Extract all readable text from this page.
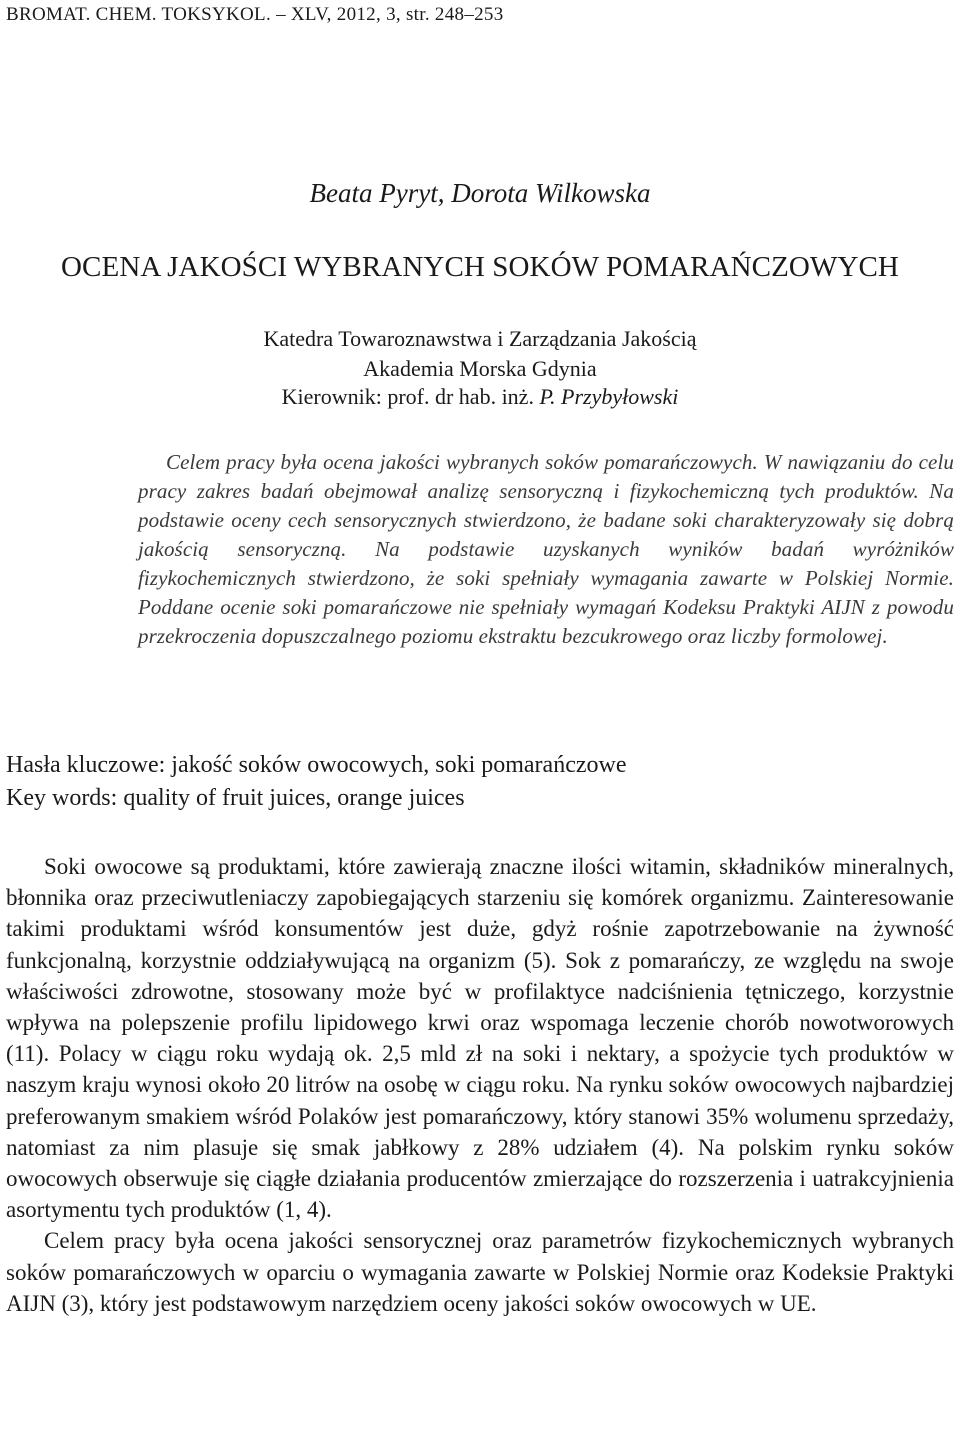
BROMAT. CHEM. TOKSYKOL. – XLV, 2012, 3, str. 248–253
Beata Pyryt, Dorota Wilkowska
OCENA JAKOŚCI WYBRANYCH SOKÓW POMARAŃCZOWYCH
Katedra Towaroznawstwa i Zarządzania Jakością
Akademia Morska Gdynia
Kierownik: prof. dr hab. inż. P. Przybyłowski
Celem pracy była ocena jakości wybranych soków pomarańczowych. W nawiązaniu do celu pracy zakres badań obejmował analizę sensoryczną i fizykochemiczną tych produktów. Na podstawie oceny cech sensorycznych stwierdzono, że badane soki charakteryzowały się dobrą jakością sensoryczną. Na podstawie uzyskanych wyników badań wyróżników fizykochemicznych stwierdzono, że soki spełniały wymagania zawarte w Polskiej Normie. Poddane ocenie soki pomarańczowe nie spełniały wymagań Kodeksu Praktyki AIJN z powodu przekroczenia dopuszczalnego poziomu ekstraktu bezcukrowego oraz liczby formolowej.
Hasła kluczowe: jakość soków owocowych, soki pomarańczowe
Key words: quality of fruit juices, orange juices

Soki owocowe są produktami, które zawierają znaczne ilości witamin, składników mineralnych, błonnika oraz przeciwutleniaczy zapobiegających starzeniu się komórek organizmu. Zainteresowanie takimi produktami wśród konsumentów jest duże, gdyż rośnie zapotrzebowanie na żywność funkcjonalną, korzystnie oddziaływującą na organizm (5). Sok z pomarańczy, ze względu na swoje właściwości zdrowotne, stosowany może być w profilaktyce nadciśnienia tętniczego, korzystnie wpływa na polepszenie profilu lipidowego krwi oraz wspomaga leczenie chorób nowotworowych (11). Polacy w ciągu roku wydają ok. 2,5 mld zł na soki i nektary, a spożycie tych produktów w naszym kraju wynosi około 20 litrów na osobę w ciągu roku. Na rynku soków owocowych najbardziej preferowanym smakiem wśród Polaków jest pomarańczowy, który stanowi 35% wolumenu sprzedaży, natomiast za nim plasuje się smak jabłkowy z 28% udziałem (4). Na polskim rynku soków owocowych obserwuje się ciągłe działania producentów zmierzające do rozszerzenia i uatrakcyjnienia asortymentu tych produktów (1, 4).

Celem pracy była ocena jakości sensorycznej oraz parametrów fizykochemicznych wybranych soków pomarańczowych w oparciu o wymagania zawarte w Polskiej Normie oraz Kodeksie Praktyki AIJN (3), który jest podstawowym narzędziem oceny jakości soków owocowych w UE.
